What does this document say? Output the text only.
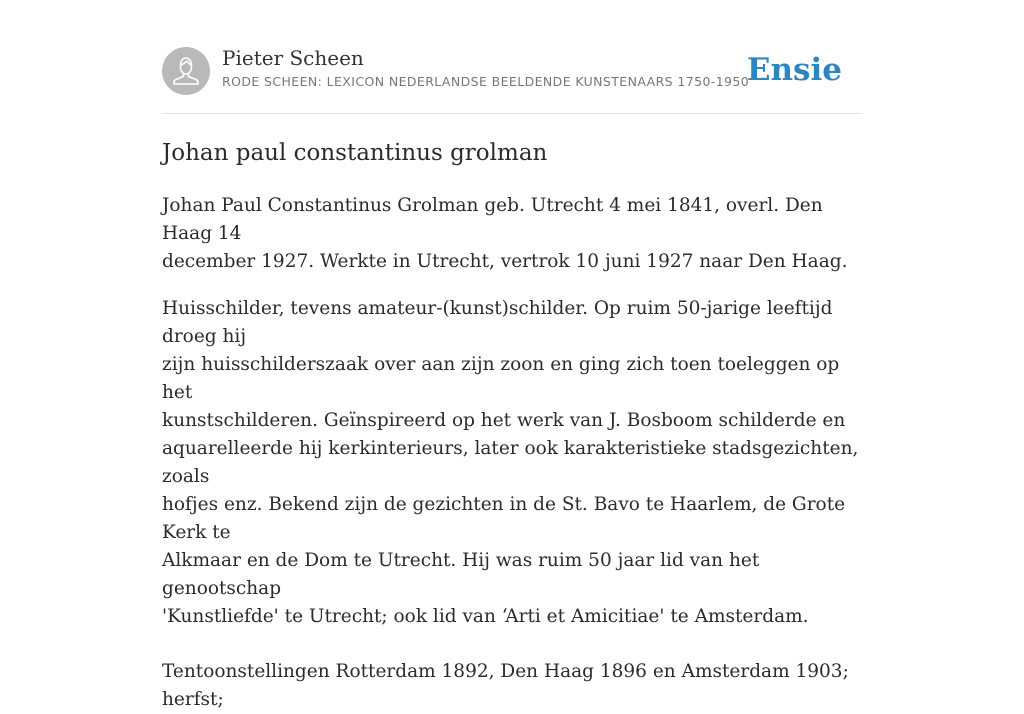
Pieter Scheen
RODE SCHEEN: LEXICON NEDERLANDSE BEELDENDE KUNSTENAARS 1750-1950
Ensie
Johan paul constantinus grolman

Johan Paul Constantinus Grolman geb. Utrecht 4 mei 1841, overl. Den Haag 14
december 1927. Werkte in Utrecht, vertrok 10 juni 1927 naar Den Haag.

Huisschilder, tevens amateur-(kunst)schilder. Op ruim 50-jarige leeftijd droeg hij
zijn huisschilderszaak over aan zijn zoon en ging zich toen toeleggen op het
kunstschilderen. Geïnspireerd op het werk van J. Bosboom schilderde en
aquarelleerde hij kerkinterieurs, later ook karakteristieke stadsgezichten, zoals
hofjes enz. Bekend zijn de gezichten in de St. Bavo te Haarlem, de Grote Kerk te
Alkmaar en de Dom te Utrecht. Hij was ruim 50 jaar lid van het genootschap
'Kunstliefde' te Utrecht; ook lid van ‘Arti et Amicitiae' te Amsterdam.

Tentoonstellingen Rotterdam 1892, Den Haag 1896 en Amsterdam 1903; herfst;
